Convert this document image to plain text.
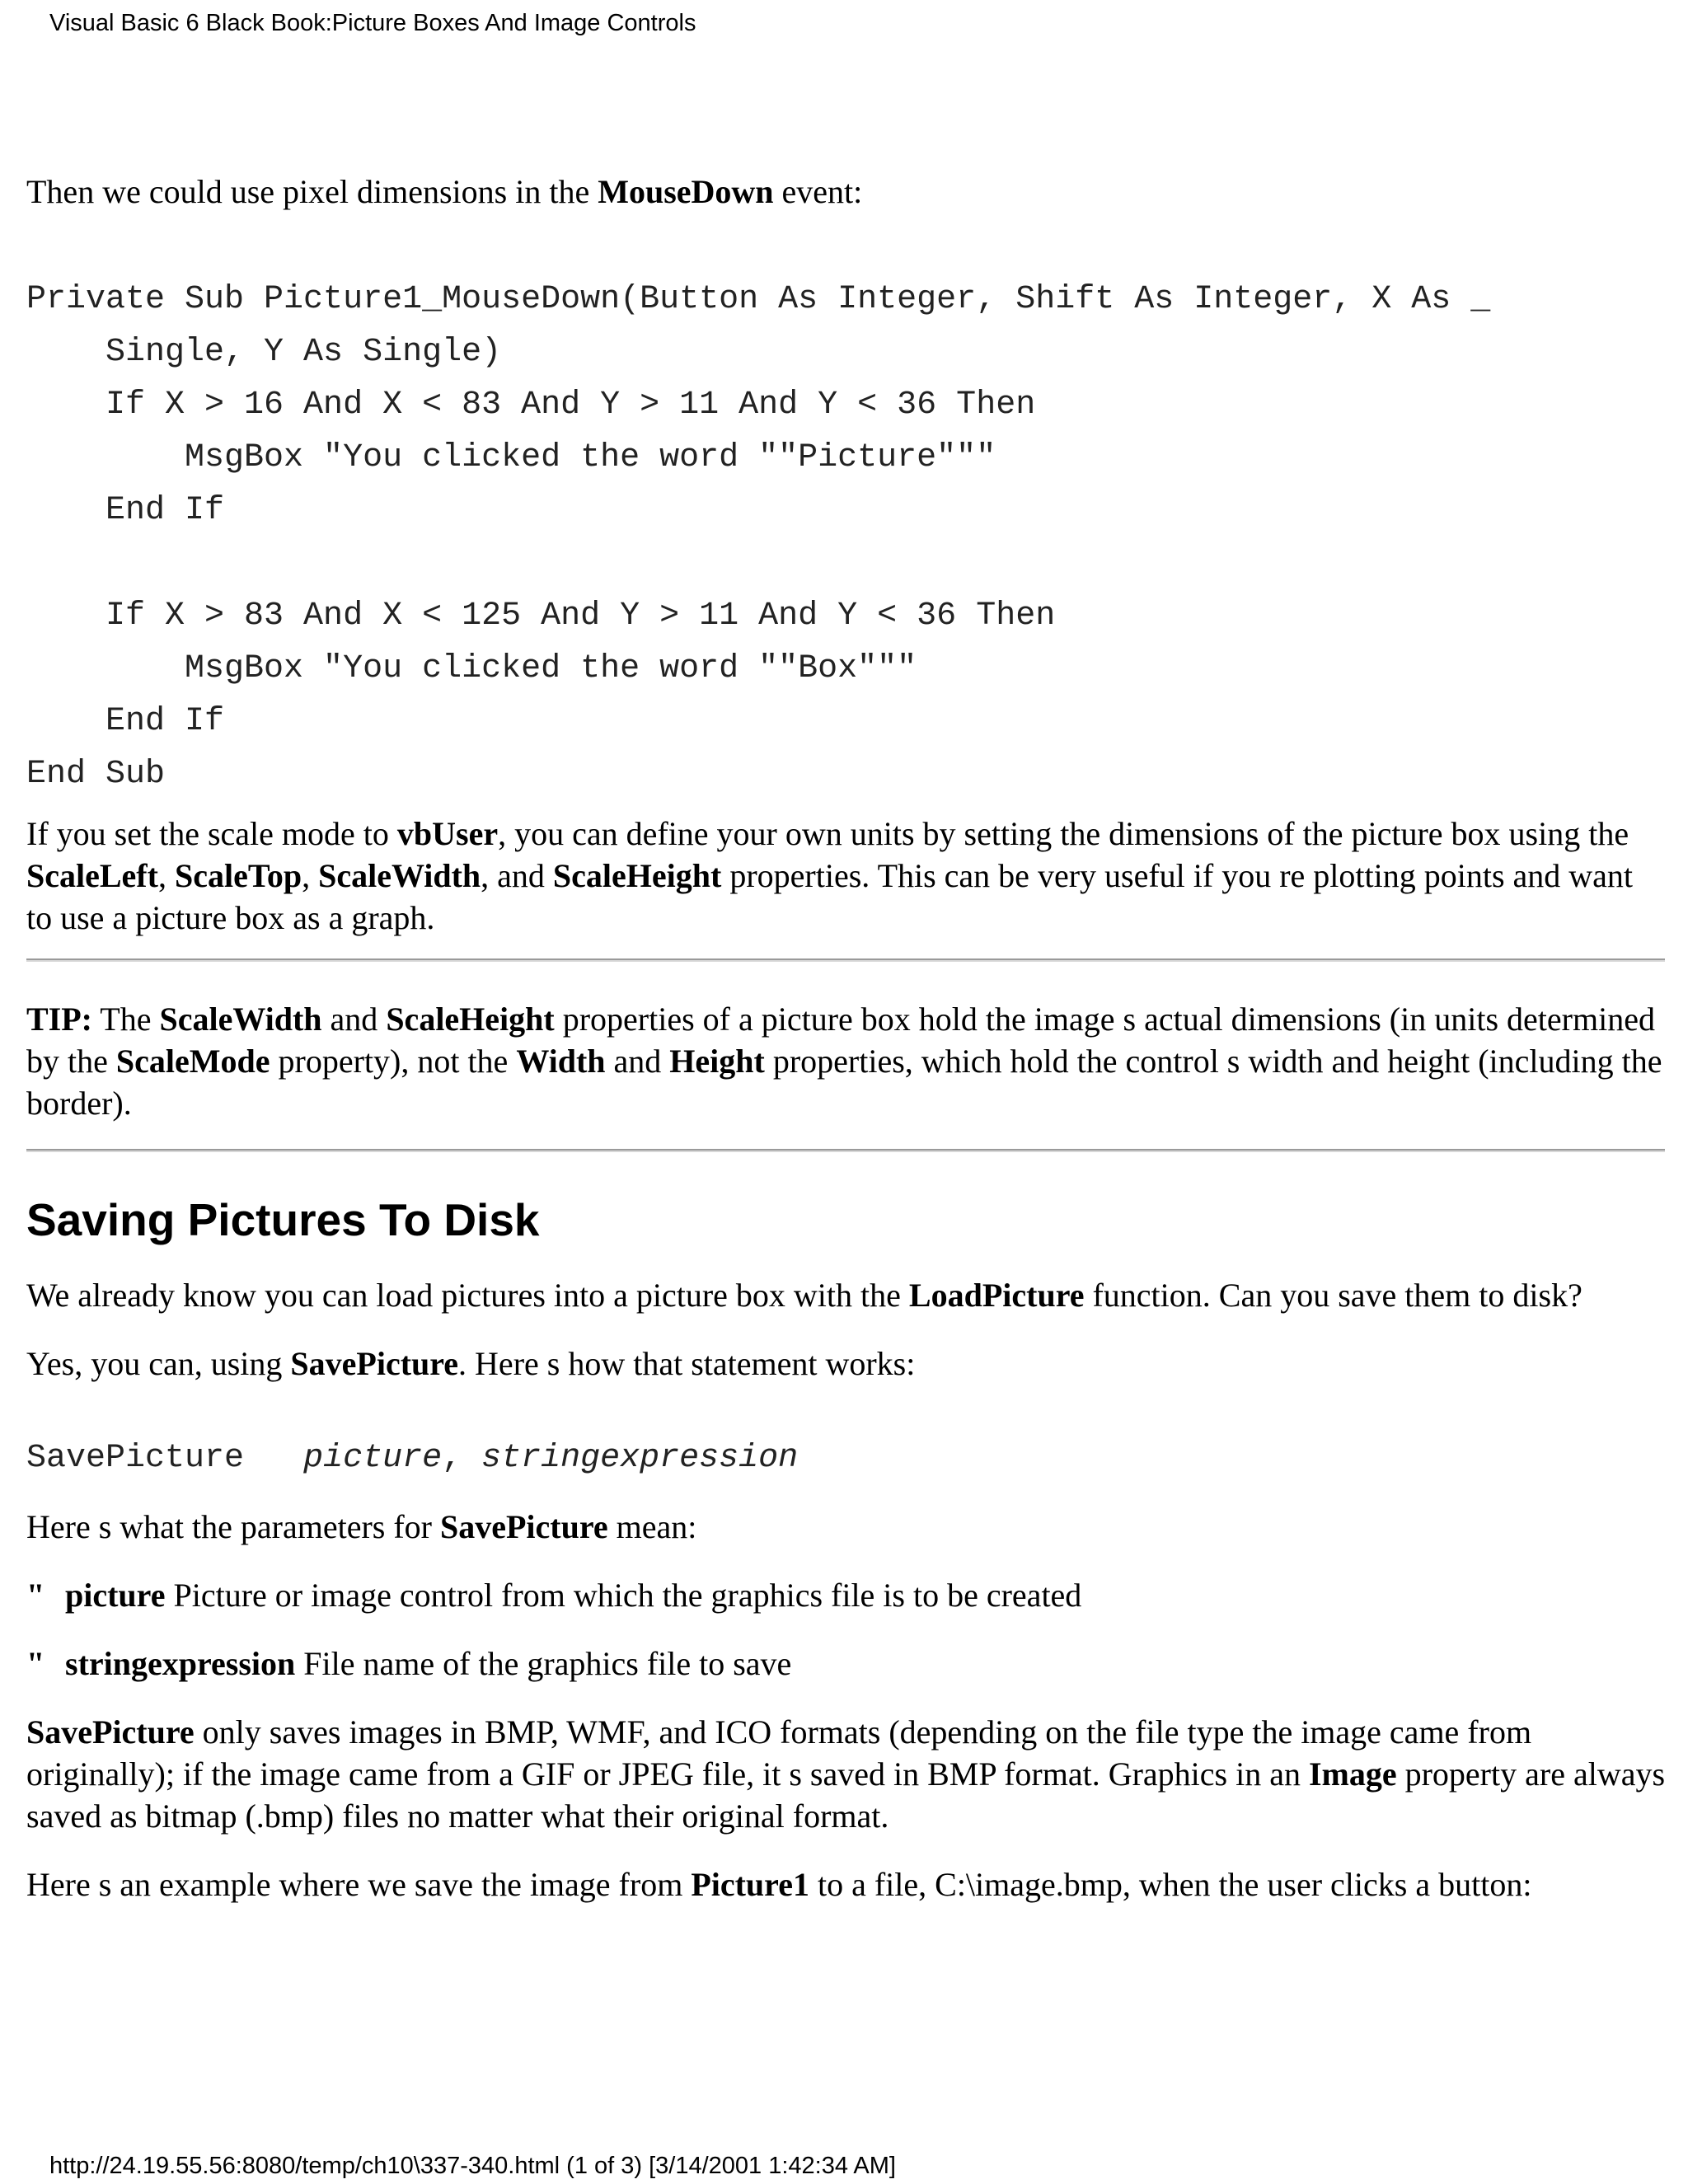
Visual Basic 6 Black Book:Picture Boxes And Image Controls

Then we could use pixel dimensions in the MouseDown event:

Private Sub Picture1_MouseDown(Button As Integer, Shift As Integer, X As _
Single, Y As Single)
If X > 16 And X < 83 And Y > 11 And Y < 36 Then
MsgBox "You clicked the word ""Picture"""
End If

If X > 83 And X < 125 And Y > 11 And Y < 36 Then
MsgBox "You clicked the word ""Box"""
End If
End Sub

If you set the scale mode to vbUser, you can define your own units by setting the dimensions of the picture box using the ScaleLeft, ScaleTop, ScaleWidth, and ScaleHeight properties. This can be very useful if you re plotting points and want to use a picture box as a graph.

TIP: The ScaleWidth and ScaleHeight properties of a picture box hold the image s actual dimensions (in units determined by the ScaleMode property), not the Width and Height properties, which hold the control s width and height (including the border).

Saving Pictures To Disk

We already know you can load pictures into a picture box with the LoadPicture function. Can you save them to disk?

Yes, you can, using SavePicture. Here s how that statement works:

SavePicture   picture, stringexpression

Here s what the parameters for SavePicture mean:

" picture Picture or image control from which the graphics file is to be created
" stringexpression File name of the graphics file to save

SavePicture only saves images in BMP, WMF, and ICO formats (depending on the file type the image came from originally); if the image came from a GIF or JPEG file, it s saved in BMP format. Graphics in an Image property are always saved as bitmap (.bmp) files no matter what their original format.

Here s an example where we save the image from Picture1 to a file, C:\image.bmp, when the user clicks a button:

http://24.19.55.56:8080/temp/ch10\337-340.html (1 of 3) [3/14/2001 1:42:34 AM]
